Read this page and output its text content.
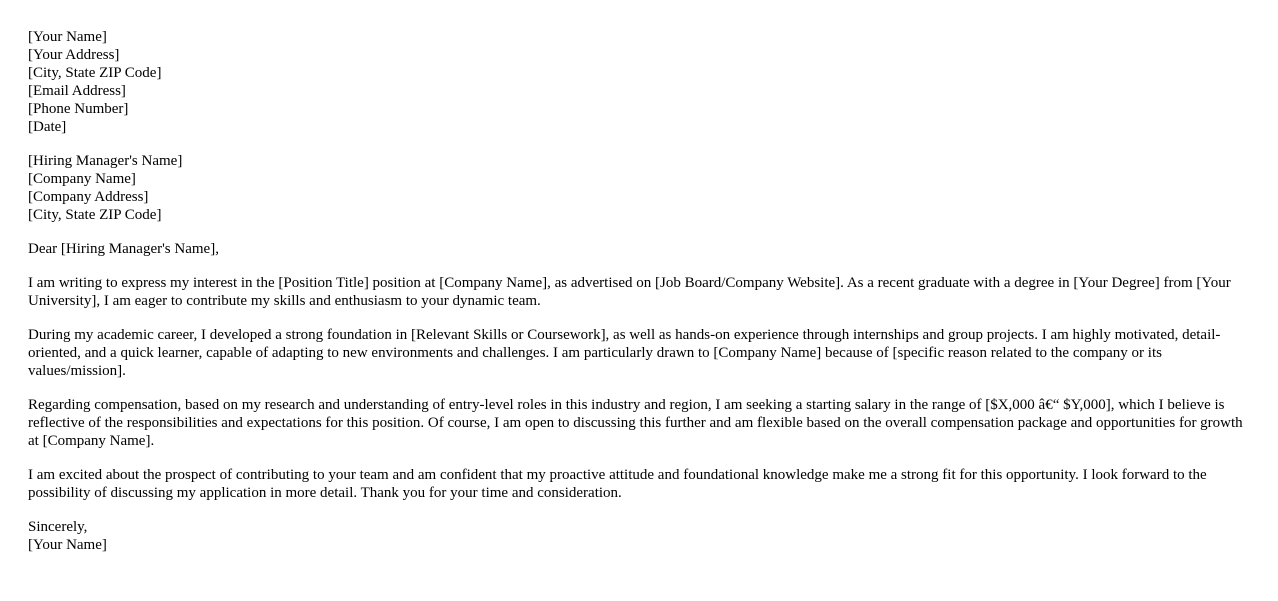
[Your Name]
[Your Address]
[City, State ZIP Code]
[Email Address]
[Phone Number]
[Date]
[Hiring Manager's Name]
[Company Name]
[Company Address]
[City, State ZIP Code]

Dear [Hiring Manager's Name],

I am writing to express my interest in the [Position Title] position at [Company Name], as advertised on [Job Board/Company Website]. As a recent graduate with a degree in [Your Degree] from [Your University], I am eager to contribute my skills and enthusiasm to your dynamic team.

During my academic career, I developed a strong foundation in [Relevant Skills or Coursework], as well as hands-on experience through internships and group projects. I am highly motivated, detail-oriented, and a quick learner, capable of adapting to new environments and challenges. I am particularly drawn to [Company Name] because of [specific reason related to the company or its values/mission].

Regarding compensation, based on my research and understanding of entry-level roles in this industry and region, I am seeking a starting salary in the range of [$X,000 â€“ $Y,000], which I believe is reflective of the responsibilities and expectations for this position. Of course, I am open to discussing this further and am flexible based on the overall compensation package and opportunities for growth at [Company Name].

I am excited about the prospect of contributing to your team and am confident that my proactive attitude and foundational knowledge make me a strong fit for this opportunity. I look forward to the possibility of discussing my application in more detail. Thank you for your time and consideration.

Sincerely,
[Your Name]
